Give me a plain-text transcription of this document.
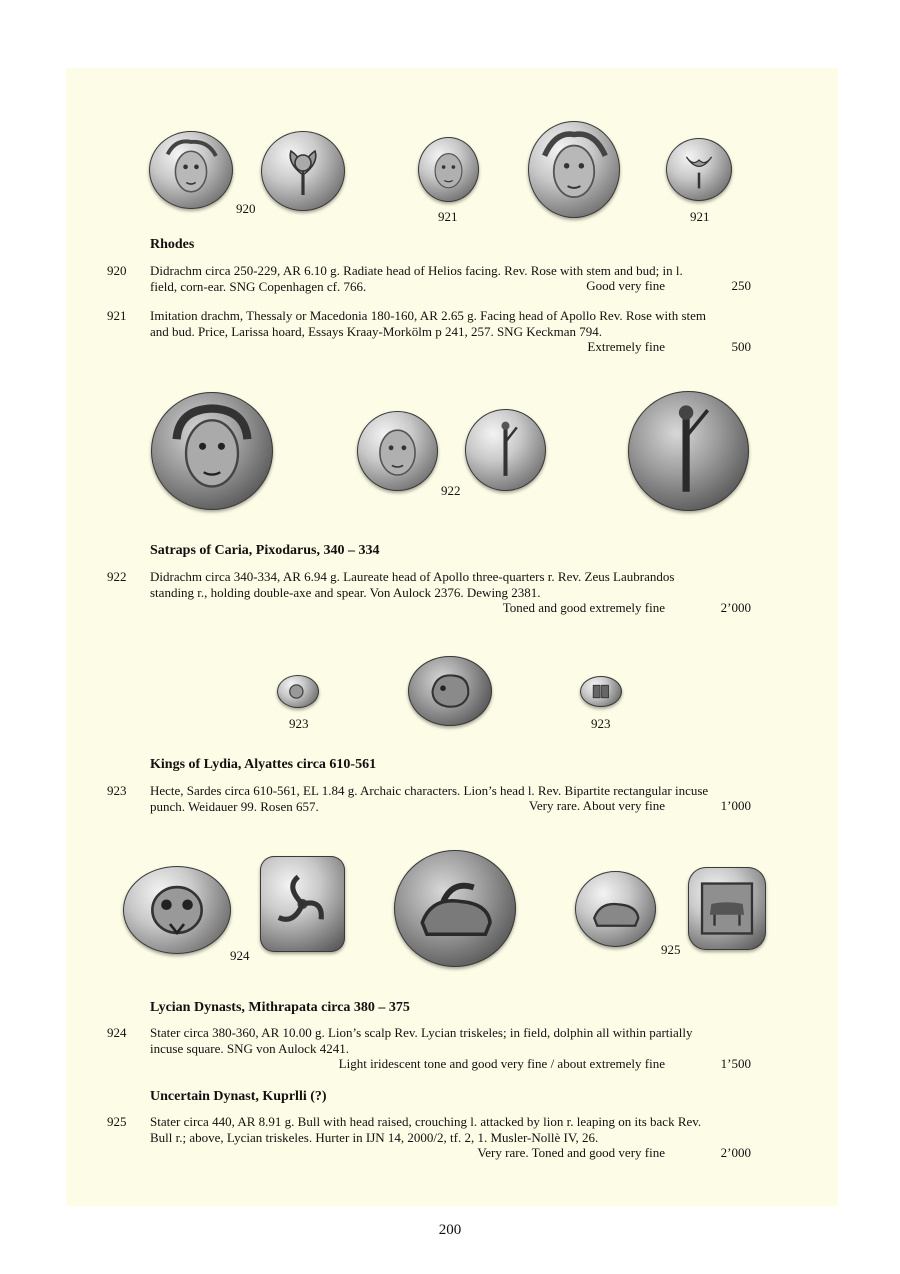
920
921	921
Rhodes
920 Didrachm circa 250-229, AR 6.10 g. Radiate head of Helios facing. Rev. Rose with stem and bud; in l.
field, corn-ear. SNG Copenhagen cf. 766.	Good very fine	250
921 Imitation drachm, Thessaly or Macedonia 180-160, AR 2.65 g. Facing head of Apollo Rev. Rose with stem
and bud. Price, Larissa hoard, Essays Kraay-Morkölm p 241, 257. SNG Keckman 794.
Extremely fine	500
922
Satraps of Caria, Pixodarus, 340 – 334
922 Didrachm circa 340-334, AR 6.94 g. Laureate head of Apollo three-quarters r. Rev. Zeus Laubrandos
standing r., holding double-axe and spear. Von Aulock 2376. Dewing 2381.
Toned and good extremely fine	2’000
923	923
Kings of Lydia, Alyattes circa 610-561
923 Hecte, Sardes circa 610-561, EL 1.84 g. Archaic characters. Lion’s head l. Rev. Bipartite rectangular incuse
punch. Weidauer 99. Rosen 657.	Very rare. About very fine	1’000
924	925
Lycian Dynasts, Mithrapata circa 380 – 375
924 Stater circa 380-360, AR 10.00 g. Lion’s scalp Rev. Lycian triskeles; in field, dolphin all within partially
incuse square. SNG von Aulock 4241.
Light iridescent tone and good very fine / about extremely fine	1’500
Uncertain Dynast, Kuprlli (?)
925 Stater circa 440, AR 8.91 g. Bull with head raised, crouching l. attacked by lion r. leaping on its back Rev.
Bull r.; above, Lycian triskeles. Hurter in IJN 14, 2000/2, tf. 2, 1. Musler-Nollè IV, 26.
Very rare. Toned and good very fine	2’000
200
